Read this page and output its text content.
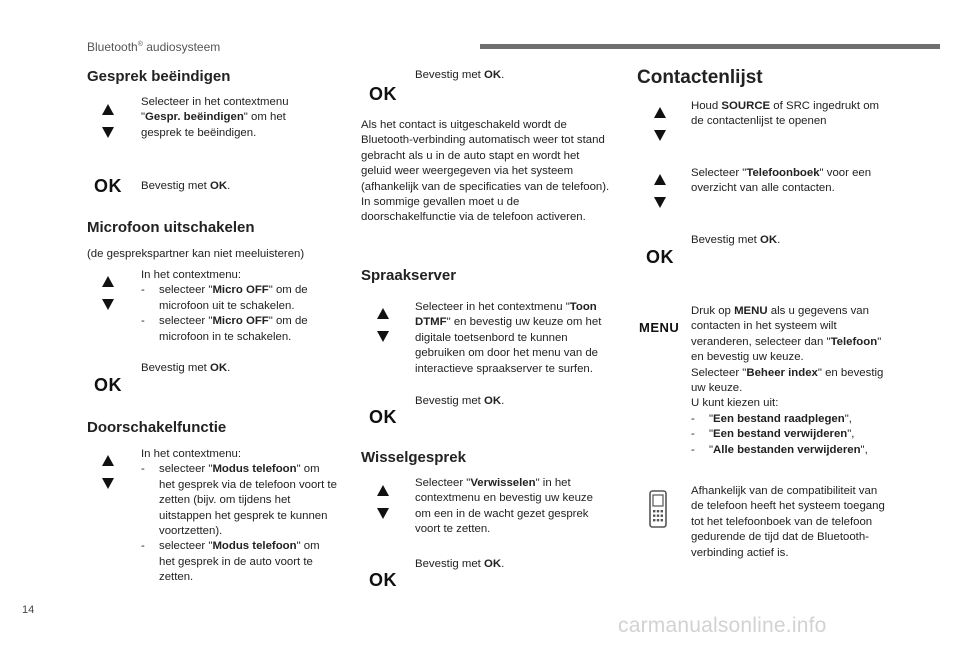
Bluetooth® audiosysteem
Gesprek beëindigen
Selecteer in het contextmenu "Gespr. beëindigen" om het gesprek te beëindigen.
OK Bevestig met OK.
Microfoon uitschakelen
(de gesprekspartner kan niet meeluisteren)
In het contextmenu:
- selecteer "Micro OFF" om de microfoon uit te schakelen.
- selecteer "Micro OFF" om de microfoon in te schakelen.
Bevestig met OK.
OK
Doorschakelfunctie
In het contextmenu:
- selecteer "Modus telefoon" om het gesprek via de telefoon voort te zetten (bijv. om tijdens het uitstappen het gesprek te kunnen voortzetten).
- selecteer "Modus telefoon" om het gesprek in de auto voort te zetten.
Bevestig met OK.
OK
Als het contact is uitgeschakeld wordt de Bluetooth-verbinding automatisch weer tot stand gebracht als u in de auto stapt en wordt het geluid weer weergegeven via het systeem (afhankelijk van de specificaties van de telefoon).
In sommige gevallen moet u de doorschakelfunctie via de telefoon activeren.
Spraakserver
Selecteer in het contextmenu "Toon DTMF" en bevestig uw keuze om het digitale toetsenbord te kunnen gebruiken om door het menu van de interactieve spraakserver te surfen.
Bevestig met OK.
OK
Wisselgesprek
Selecteer "Verwisselen" in het contextmenu en bevestig uw keuze om een in de wacht gezet gesprek voort te zetten.
Bevestig met OK.
OK
Contactenlijst
Houd SOURCE of SRC ingedrukt om de contactenlijst te openen
Selecteer "Telefoonboek" voor een overzicht van alle contacten.
Bevestig met OK.
OK
MENU
Druk op MENU als u gegevens van contacten in het systeem wilt veranderen, selecteer dan "Telefoon" en bevestig uw keuze.
Selecteer "Beheer index" en bevestig uw keuze.
U kunt kiezen uit:
- "Een bestand raadplegen",
- "Een bestand verwijderen",
- "Alle bestanden verwijderen",
Afhankelijk van de compatibiliteit van de telefoon heeft het systeem toegang tot het telefoonboek van de telefoon gedurende de tijd dat de Bluetooth-verbinding actief is.
14
carmanualsonline.info
